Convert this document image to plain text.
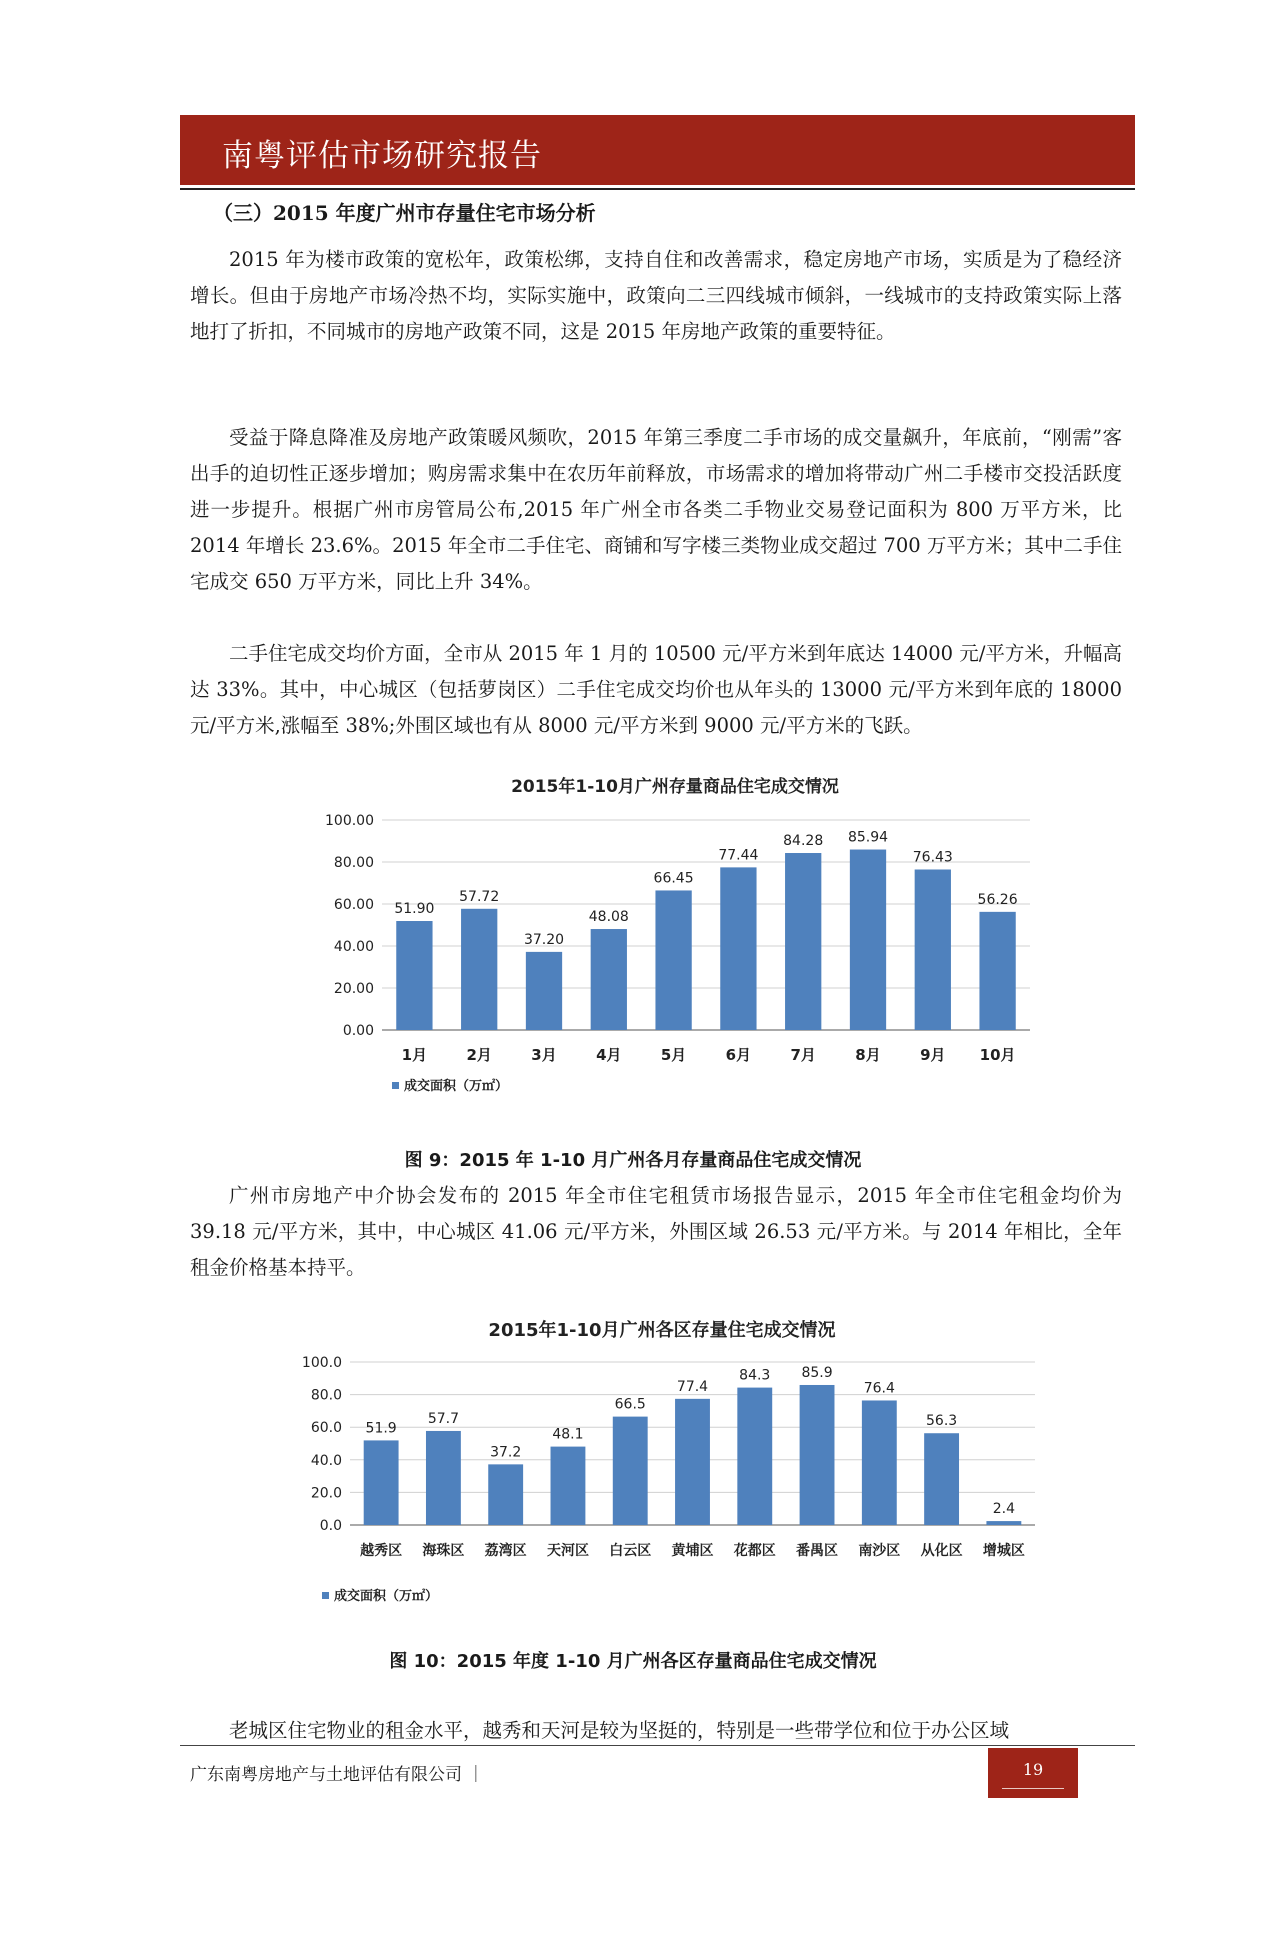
南粤评估市场研究报告
（三）2015 年度广州市存量住宅市场分析

2015 年为楼市政策的宽松年，政策松绑，支持自住和改善需求，稳定房地产市场，实质是为了稳经济增长。但由于房地产市场冷热不均，实际实施中，政策向二三四线城市倾斜，一线城市的支持政策实际上落地打了折扣，不同城市的房地产政策不同，这是 2015 年房地产政策的重要特征。

受益于降息降准及房地产政策暖风频吹，2015 年第三季度二手市场的成交量飙升，年底前，“刚需”客出手的迫切性正逐步增加；购房需求集中在农历年前释放，市场需求的增加将带动广州二手楼市交投活跃度进一步提升。根据广州市房管局公布,2015 年广州全市各类二手物业交易登记面积为 800 万平方米，比 2014 年增长 23.6%。2015 年全市二手住宅、商铺和写字楼三类物业成交超过 700 万平方米；其中二手住宅成交 650 万平方米，同比上升 34%。

二手住宅成交均价方面，全市从 2015 年 1 月的 10500 元/平方米到年底达 14000 元/平方米，升幅高达 33%。其中，中心城区（包括萝岗区）二手住宅成交均价也从年头的 13000 元/平方米到年底的 18000 元/平方米,涨幅至 38%;外围区域也有从 8000 元/平方米到 9000 元/平方米的飞跃。

2015年1-10月广州存量商品住宅成交情况
0.00
20.00
40.00
60.00
80.00
100.00
51.90
1月
57.72
2月
37.20
3月
48.08
4月
66.45
5月
77.44
6月
84.28
7月
85.94
8月
76.43
9月
56.26
10月
成交面积（万㎡）
图 9：2015 年 1-10 月广州各月存量商品住宅成交情况

广州市房地产中介协会发布的 2015 年全市住宅租赁市场报告显示，2015 年全市住宅租金均价为 39.18 元/平方米，其中，中心城区 41.06 元/平方米，外围区域 26.53 元/平方米。与 2014 年相比，全年租金价格基本持平。

2015年1-10月广州各区存量住宅成交情况
0.0
20.0
40.0
60.0
80.0
100.0
51.9
越秀区
57.7
海珠区
37.2
荔湾区
48.1
天河区
66.5
白云区
77.4
黄埔区
84.3
花都区
85.9
番禺区
76.4
南沙区
56.3
从化区
2.4
增城区
成交面积（万㎡）
图 10：2015 年度 1-10 月广州各区存量商品住宅成交情况

老城区住宅物业的租金水平，越秀和天河是较为坚挺的，特别是一些带学位和位于办公区域

广东南粤房地产与土地评估有限公司 ｜	19
